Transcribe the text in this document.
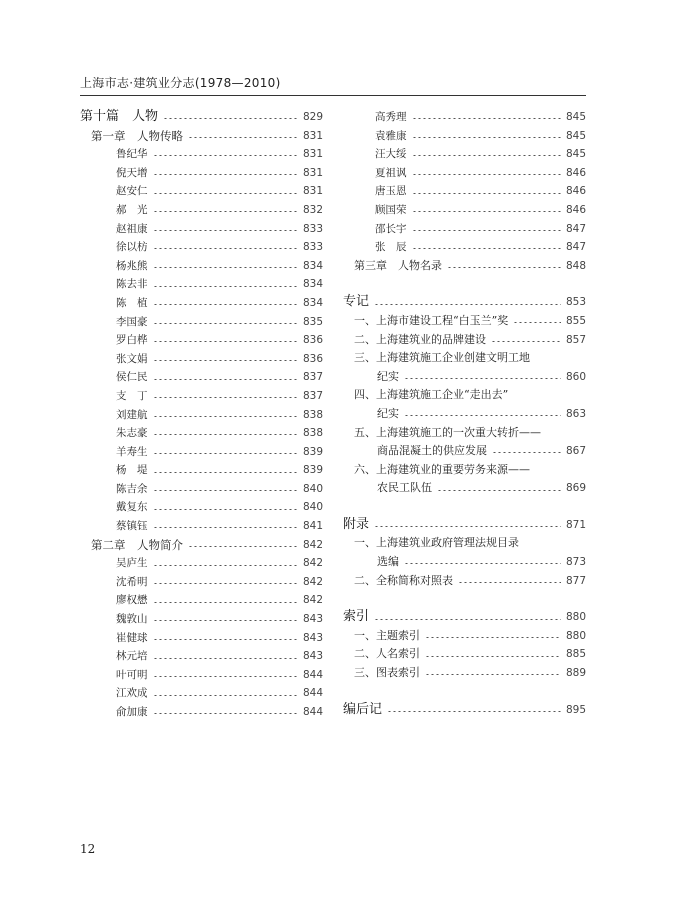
上海市志·建筑业分志(1978—2010)
第十篇　人物	829
第一章　人物传略	831
鲁纪华	831
倪天增	831
赵安仁	831
郝　光	832
赵祖康	833
徐以枋	833
杨兆熊	834
陈去非	834
陈　植	834
李国豪	835
罗白桦	836
张文娟	836
侯仁民	837
支　丁	837
刘建航	838
朱志豪	838
羊寿生	839
杨　堤	839
陈吉余	840
戴复东	840
蔡镇钰	841
第二章　人物简介	842
吴庐生	842
沈希明	842
廖权懋	842
魏敦山	843
崔健球	843
林元培	843
叶可明	844
江欢成	844
俞加康	844
高秀理	845
袁雅康	845
汪大绥	845
夏祖讽	846
唐玉恩	846
顾国荣	846
邵长宇	847
张　辰	847
第三章　人物名录	848
专记	853
一、上海市建设工程“白玉兰”奖	855
二、上海建筑业的品牌建设	857
三、上海建筑施工企业创建文明工地
纪实	860
四、上海建筑施工企业“走出去”
纪实	863
五、上海建筑施工的一次重大转折——
商品混凝土的供应发展	867
六、上海建筑业的重要劳务来源——
农民工队伍	869
附录	871
一、上海建筑业政府管理法规目录
选编	873
二、全称简称对照表	877
索引	880
一、主题索引	880
二、人名索引	885
三、图表索引	889
编后记	895
12
